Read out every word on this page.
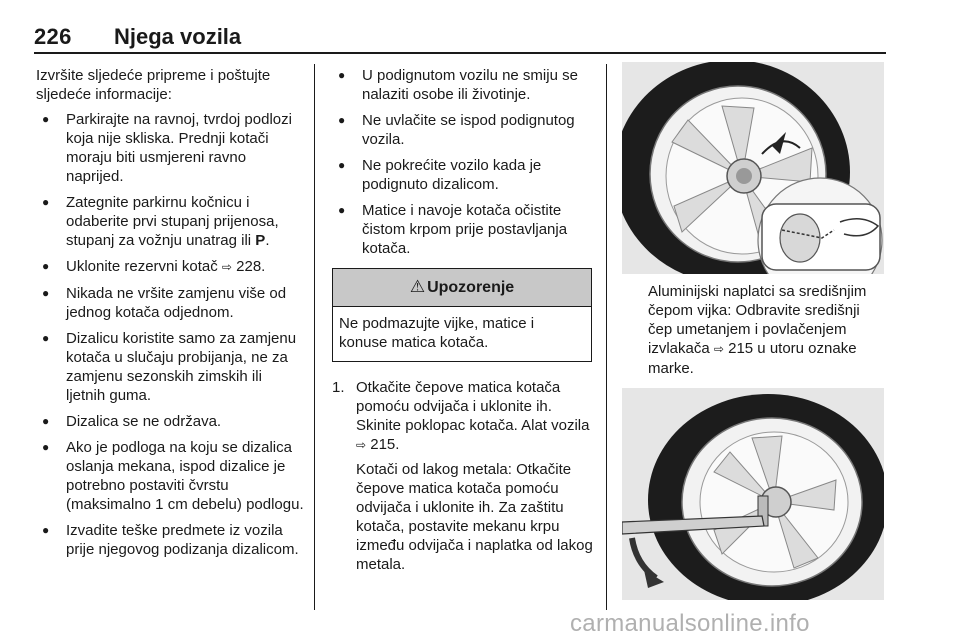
226 Njega vozila

Izvršite sljedeće pripreme i poštujte sljedeće informacije:

● Parkirajte na ravnoj, tvrdoj podlozi koja nije skliska. Prednji kotači moraju biti usmjereni ravno naprijed.
● Zategnite parkirnu kočnicu i odaberite prvi stupanj prijenosa, stupanj za vožnju unatrag ili P.
● Uklonite rezervni kotač ⇨ 228.
● Nikada ne vršite zamjenu više od jednog kotača odjednom.
● Dizalicu koristite samo za zamjenu kotača u slučaju probijanja, ne za zamjenu sezonskih zimskih ili ljetnih guma.
● Dizalica se ne održava.
● Ako je podloga na koju se dizalica oslanja mekana, ispod dizalice je potrebno postaviti čvrstu (maksimalno 1 cm debelu) podlogu.
● Izvadite teške predmete iz vozila prije njegovog podizanja dizalicom.
● U podignutom vozilu ne smiju se nalaziti osobe ili životinje.
● Ne uvlačite se ispod podignutog vozila.
● Ne pokrećite vozilo kada je podignuto dizalicom.
● Matice i navoje kotača očistite čistom krpom prije postavljanja kotača.
⚠ Upozorenje
Ne podmazujte vijke, matice i konuse matica kotača.
1. Otkačite čepove matica kotača pomoću odvijača i uklonite ih. Skinite poklopac kotača. Alat vozila ⇨ 215.

Kotači od lakog metala: Otkačite čepove matica kotača pomoću odvijača i uklonite ih. Za zaštitu kotača, postavite mekanu krpu između odvijača i naplatka od lakog metala.

Aluminijski naplatci sa središnjim čepom vijka: Odbravite središnji čep umetanjem i povlačenjem izvlakača ⇨ 215 u utoru oznake marke.

carmanualsonline.info
